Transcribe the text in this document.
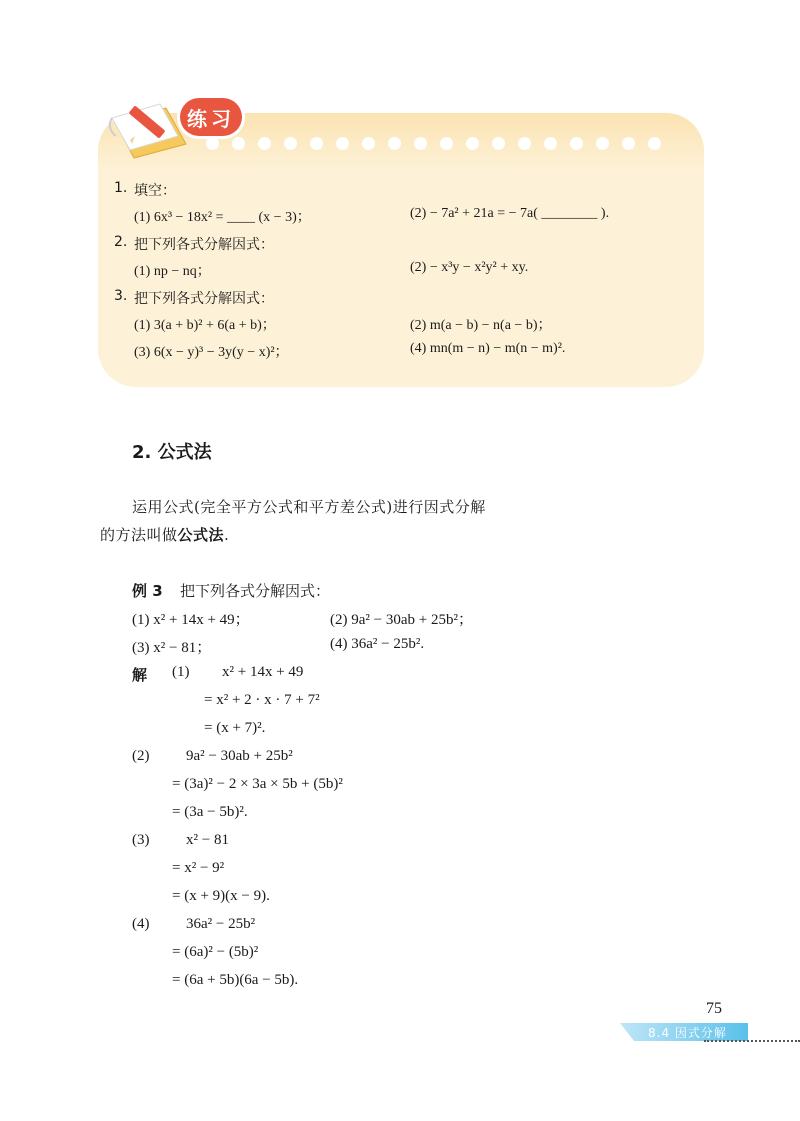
练习
1. 填空：
(1) 6x³ − 18x² = ____ (x − 3)；	(2) − 7a² + 21a = − 7a( ________ ).
2. 把下列各式分解因式：
(1) np − nq；	(2) − x³y − x²y² + xy.
3. 把下列各式分解因式：
(1) 3(a + b)² + 6(a + b)；	(2) m(a − b) − n(a − b)；
(3) 6(x − y)³ − 3y(y − x)²；	(4) mn(m − n) − m(n − m)².
2. 公式法
运用公式(完全平方公式和平方差公式)进行因式分解
的方法叫做公式法.
例 3 把下列各式分解因式：
(1) x² + 14x + 49；	(2) 9a² − 30ab + 25b²；
(3) x² − 81；	(4) 36a² − 25b².
解 (1) x² + 14x + 49
= x² + 2 · x · 7 + 7²
= (x + 7)².
(2) 9a² − 30ab + 25b²
= (3a)² − 2 × 3a × 5b + (5b)²
= (3a − 5b)².
(3) x² − 81
= x² − 9²
= (x + 9)(x − 9).
(4) 36a² − 25b²
= (6a)² − (5b)²
= (6a + 5b)(6a − 5b).
75
8.4 因式分解
